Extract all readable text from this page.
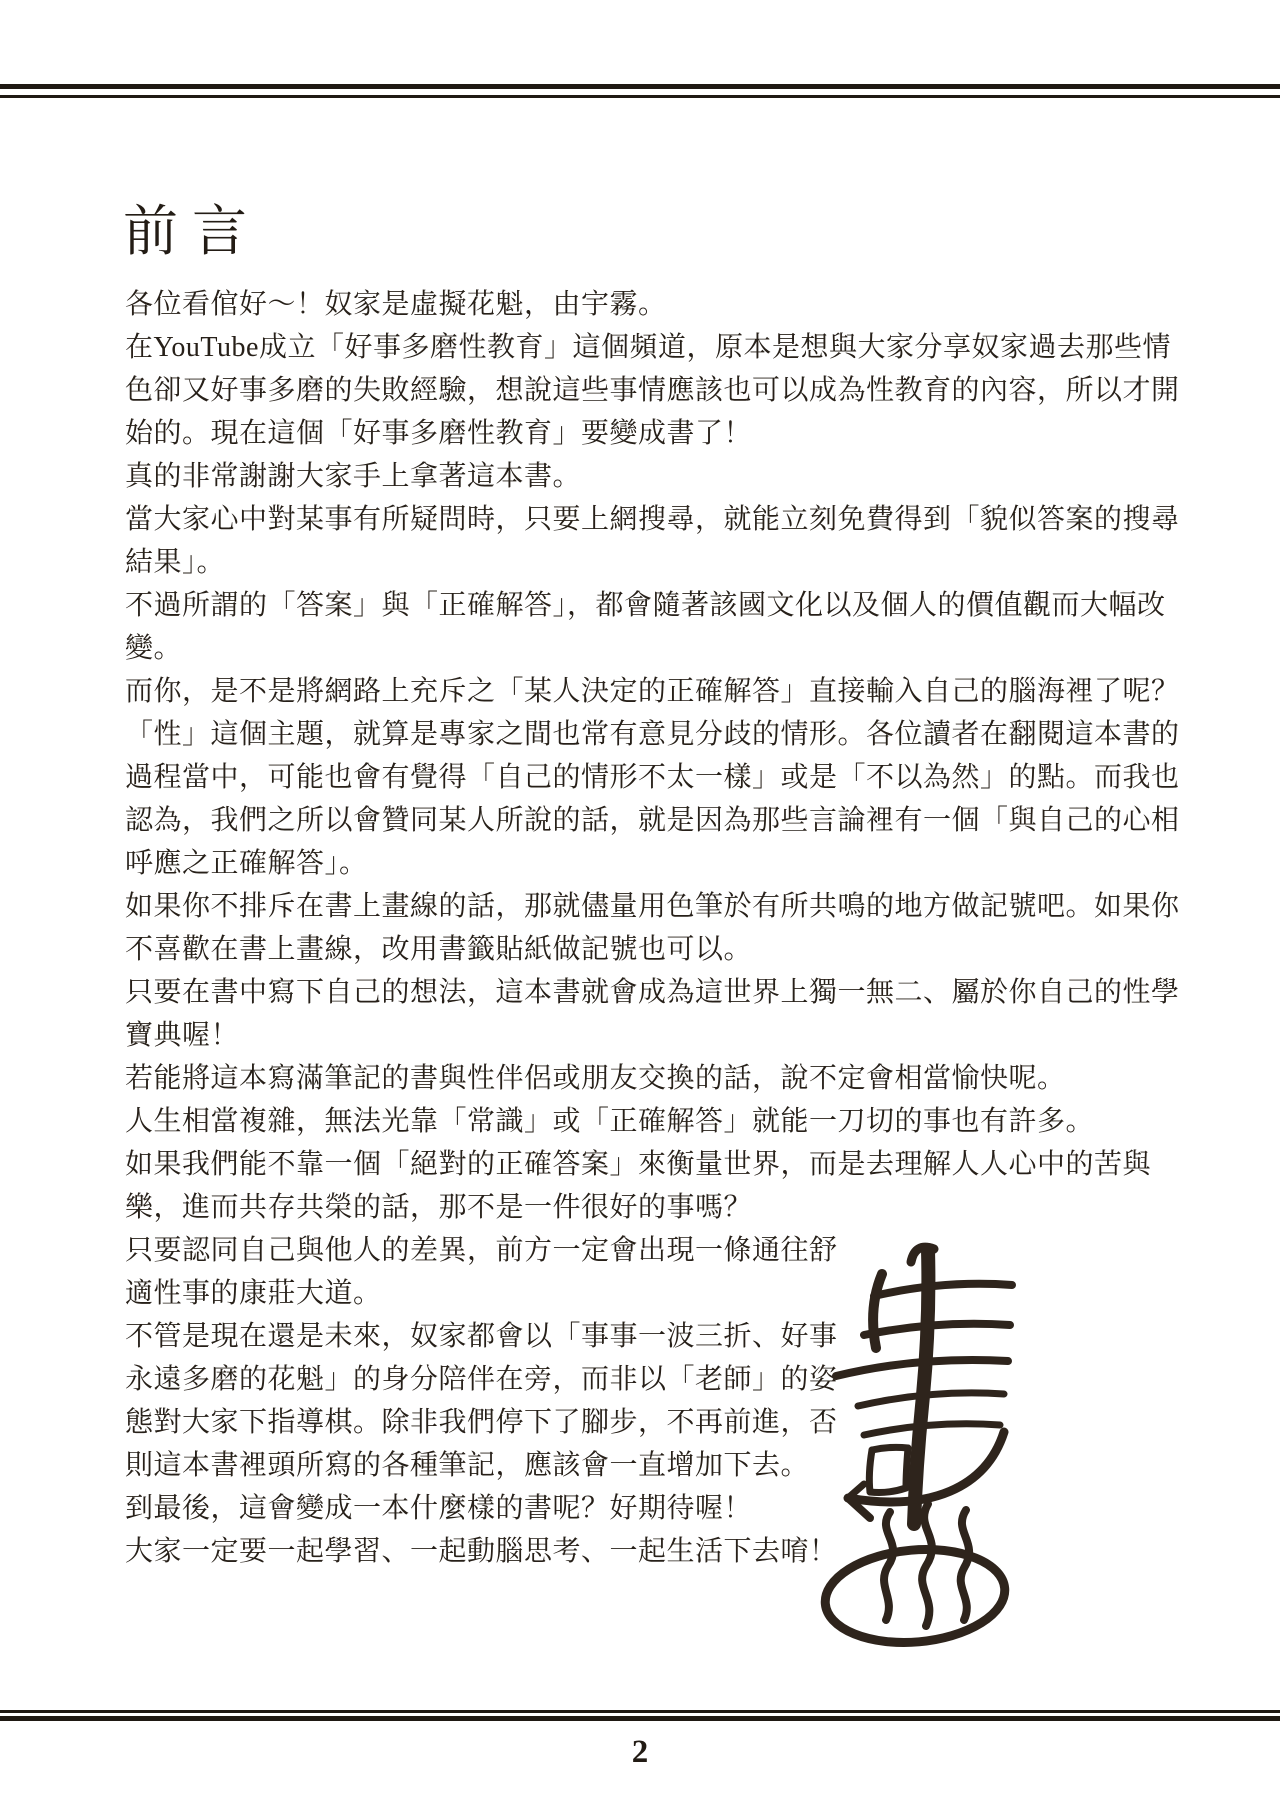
前言
各位看倌好～！奴家是虛擬花魁，由宇霧。
在YouTube成立「好事多磨性教育」這個頻道，原本是想與大家分享奴家過去那些情
色卻又好事多磨的失敗經驗，想說這些事情應該也可以成為性教育的內容，所以才開
始的。現在這個「好事多磨性教育」要變成書了！
真的非常謝謝大家手上拿著這本書。
當大家心中對某事有所疑問時，只要上網搜尋，就能立刻免費得到「貌似答案的搜尋
結果」。
不過所謂的「答案」與「正確解答」，都會隨著該國文化以及個人的價值觀而大幅改
變。
而你，是不是將網路上充斥之「某人決定的正確解答」直接輸入自己的腦海裡了呢？
「性」這個主題，就算是專家之間也常有意見分歧的情形。各位讀者在翻閱這本書的
過程當中，可能也會有覺得「自己的情形不太一樣」或是「不以為然」的點。而我也
認為，我們之所以會贊同某人所說的話，就是因為那些言論裡有一個「與自己的心相
呼應之正確解答」。
如果你不排斥在書上畫線的話，那就儘量用色筆於有所共鳴的地方做記號吧。如果你
不喜歡在書上畫線，改用書籤貼紙做記號也可以。
只要在書中寫下自己的想法，這本書就會成為這世界上獨一無二、屬於你自己的性學
寶典喔！
若能將這本寫滿筆記的書與性伴侶或朋友交換的話，說不定會相當愉快呢。
人生相當複雜，無法光靠「常識」或「正確解答」就能一刀切的事也有許多。
如果我們能不靠一個「絕對的正確答案」來衡量世界，而是去理解人人心中的苦與
樂，進而共存共榮的話，那不是一件很好的事嗎？
只要認同自己與他人的差異，前方一定會出現一條通往舒
適性事的康莊大道。
不管是現在還是未來，奴家都會以「事事一波三折、好事
永遠多磨的花魁」的身分陪伴在旁，而非以「老師」的姿
態對大家下指導棋。除非我們停下了腳步，不再前進，否
則這本書裡頭所寫的各種筆記，應該會一直增加下去。
到最後，這會變成一本什麼樣的書呢？好期待喔！
大家一定要一起學習、一起動腦思考、一起生活下去唷！
2
